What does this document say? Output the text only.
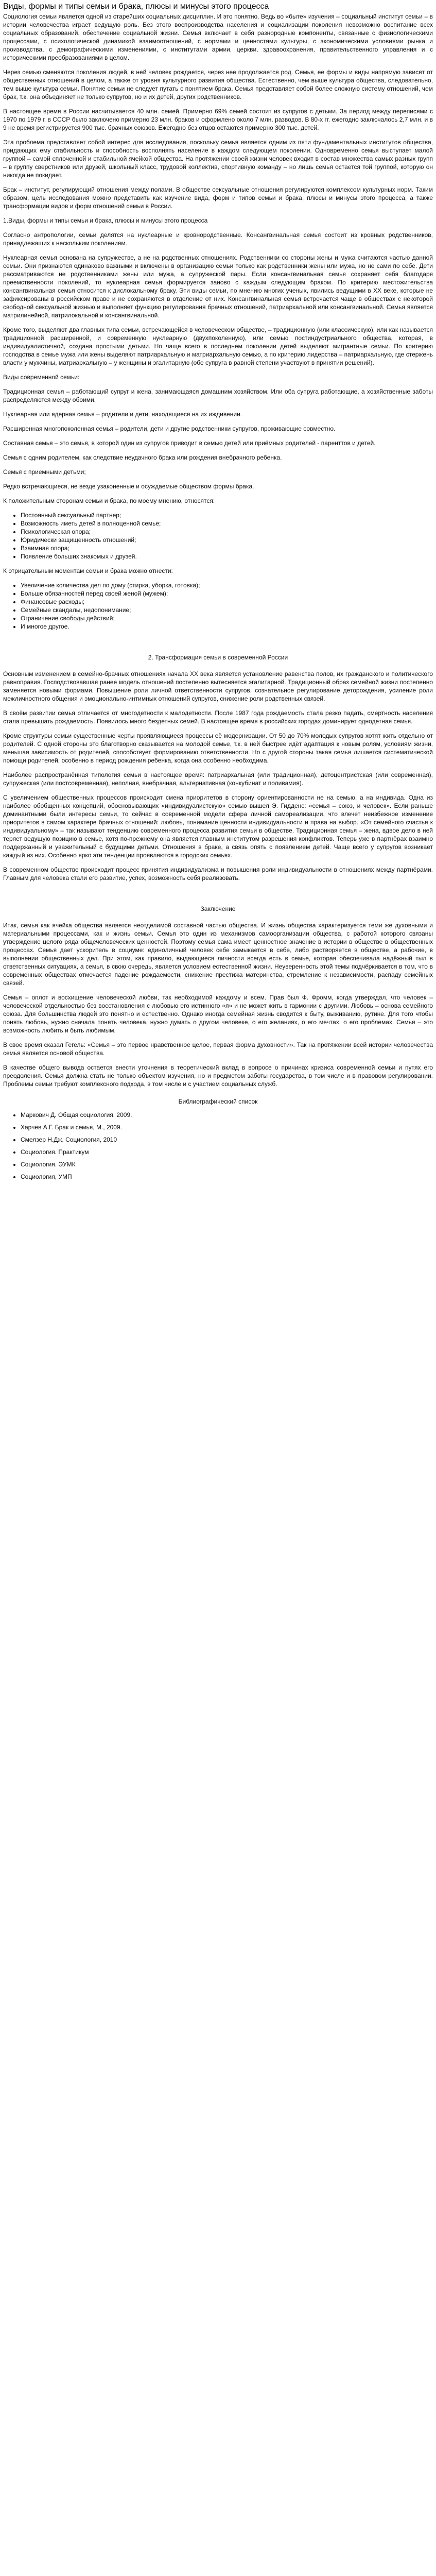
Виды, формы и типы семьи и брака, плюсы и минусы этого процесса

Социология семьи является одной из старейших социальных дисциплин. И это понятно. Ведь во «быте» изучения – социальный институт семьи – в истории человечества играет ведущую роль. Без этого воспроизводства населения и социализации поколения невозможно воспитание всех социальных образований, обеспечение социальной жизни. Семья включает в себя разнородные компоненты, связанные с физиологическими процессами, с психологической динамикой взаимоотношений, с нормами и ценностями культуры, с экономическими условиями рынка и производства, с демографическими изменениями, с институтами армии, церкви, здравоохранения, правительственного управления и с историческими преобразованиями в целом.

Через семью сменяются поколения людей, в ней человек рождается, через нее продолжается род. Семья, ее формы и виды напрямую зависят от общественных отношений в целом, а также от уровня культурного развития общества. Естественно, чем выше культура общества, следовательно, тем выше культура семьи. Понятие семьи не следует путать с понятием брака. Семья представляет собой более сложную систему отношений, чем брак, т.к. она объединяет не только супругов, но и их детей, других родственников.

В настоящее время в России насчитывается 40 млн. семей. Примерно 69% семей состоит из супругов с детьми. За период между переписями с 1970 по 1979 г. в СССР было заключено примерно 23 млн. браков и оформлено около 7 млн. разводов. В 80-х гг. ежегодно заключалось 2,7 млн. и в 9 не время регистрируется 900 тыс. брачных союзов. Ежегодно без отцов остаются примерно 300 тыс. детей.

Эта проблема представляет собой интерес для исследования, поскольку семья является одним из пяти фундаментальных институтов общества, придающих ему стабильность и способность восполнять население в каждом следующем поколении. Одновременно семья выступает малой группой – самой сплоченной и стабильной ячейкой общества. На протяжении своей жизни человек входит в состав множества самых разных групп – в группу сверстников или друзей, школьный класс, трудовой коллектив, спортивную команду – но лишь семья остается той группой, которую он никогда не покидает.

Брак – институт, регулирующий отношения между полами. В обществе сексуальные отношения регулируются комплексом культурных норм. Таким образом, цель исследования можно представить как изучение вида, форм и типов семьи и брака, плюсы и минусы этого процесса, а также трансформации видов и форм отношений семьи в России.

1.Виды, формы и типы семьи и брака, плюсы и минусы этого процесса

Согласно антропологии, семьи делятся на нуклеарные и кровнородственные. Консангвинальная семья состоит из кровных родственников, принадлежащих к нескольким поколениям.

Нуклеарная семья основана на супружестве, а не на родственных отношениях. Родственники со стороны жены и мужа считаются частью данной семьи. Они признаются одинаково важными и включены в организацию семьи только как родственники жены или мужа, но не сами по себе. Дети рассматриваются не родственниками жены или мужа, а супружеской пары. Если консангвинальная семья сохраняет себя благодаря преемственности поколений, то нуклеарная семья формируется заново с каждым следующим браком. По критерию местожительства консангвинальная семья относится к дислокальному браку. Эти виды семьи, по мнению многих ученых, явились ведущими в XX веке, которые не зафиксированы в российском праве и не сохраняются в отделение от них. Консангвинальная семья встречается чаще в обществах с некоторой свободной сексуальной жизнью и выполняет функцию регулирования брачных отношений, патриархальной или консангвинальной. Семья является матрилинейной, патрилокальной и консангвинальной.

Кроме того, выделяют два главных типа семьи, встречающейся в человеческом обществе, – традиционную (или классическую), или как называется традиционной расширенной, и современную нуклеарную (двухпоколенную), или семью постиндустриального общества, которая, в индивидуалистичной, создана простыми детьми. Но чаще всего в последнем поколении детей выделяют мигрантные семьи. По критерию господства в семье мужа или жены выделяют патриархальную и матриархальную семью, а по критерию лидерства – патриархальную, где стержень власти у мужчины, матриархальную – у женщины и эгалитарную (обе супруга в равной степени участвуют в принятии решений).

Виды современной семьи:

Традиционная семья – работающий супруг и жена, занимающаяся домашним хозяйством. Или оба супруга работающие, а хозяйственные заботы распределяются между обоими.

Нуклеарная или ядерная семья – родители и дети, находящиеся на их иждивении.

Расширенная многопоколенная семья – родители, дети и другие родственники супругов, проживающие совместно.

Составная семья – это семья, в которой один из супругов приводит в семью детей или приёмных родителей - паренттов и детей.

Семья с одним родителем, как следствие неудачного брака или рождения внебрачного ребенка.

Семья с приемными детьми;

Редко встречающиеся, не везде узаконенные и осуждаемые обществом формы брака.

К положительным сторонам семьи и брака, по моему мнению, относятся:

• Постоянный сексуальный партнер;
• Возможность иметь детей в полноценной семье;
• Психологическая опора;
• Юридически защищенность отношений;
• Взаимная опора;
• Появление больших знакомых и друзей.

К отрицательным моментам семьи и брака можно отнести:

• Увеличение количества дел по дому (стирка, уборка, готовка);
• Больше обязанностей перед своей женой (мужем);
• Финансовые расходы;
• Семейные скандалы, недопонимание;
• Ограничение свободы действий;
• И многое другое.

2. Трансформация семьи в современной России

Основным изменением в семейно-брачных отношениях начала XX века является установление равенства полов, их гражданского и политического равноправия. Господствовавшая ранее модель отношений постепенно вытесняется эгалитарной. Традиционный образ семейной жизни постепенно заменяется новыми формами. Повышение роли личной ответственности супругов, сознательное регулирование деторождения, усиление роли межличностного общения и эмоционально-интимных отношений супругов, снижение роли родственных связей.

В своём развитии семья отличается от многодетности к малодетности. После 1987 года рождаемость стала резко падать, смертность населения стала превышать рождаемость. Появилось много бездетных семей. В настоящее время в российских городах доминирует однодетная семья.

Кроме структуры семьи существенные черты проявляющиеся процессы её модернизации. От 50 до 70% молодых супругов хотят жить отдельно от родителей. С одной стороны это благотворно сказывается на молодой семье, т.к. в ней быстрее идёт адаптация к новым ролям, условиям жизни, меньшая зависимость от родителей, способствует формированию ответственности. Но с другой стороны такая семья лишается систематической помощи родителей, особенно в период рождения ребенка, когда она особенно необходима.

Наиболее распространённая типология семьи в настоящее время: патриархальная (или традиционная), детоцентристская (или современная), супружеская (или постсовременная), неполная, внебрачная, альтернативная (конкубинат и поливамия).

С увеличением общественных процессов происходит смена приоритетов в сторону ориентированности не на семью, а на индивида. Одна из наиболее обобщенных концепций, обосновывающих «индивидуалистскую» семью вышел Э. Гидденс: «семья – союз, и человек». Если раньше доминантными были интересы семьи, то сейчас в современной модели сфера личной самореализации, что влечет неизбежное изменение приоритетов в самом характере брачных отношений: любовь, понимание ценности индивидуальности и права на выбор. «От семейного счастья к индивидуальному» – так называют тенденцию современного процесса развития семьи в обществе. Традиционная семья – жена, вдвое дело в ней теряет ведущую позицию в семье, хотя по-прежнему она является главным институтом разрешения конфликтов. Теперь уже в партнёрах взаимно поддержанный и уважительный с будущими детьми. Отношения в браке, а связь опять с появлением детей. Чаще всего у супругов возникает каждый из них. Особенно ярко эти тенденции проявляются в городских семьях.

В современном обществе происходит процесс принятия индивидуализма и повышения роли индивидуальности в отношениях между партнёрами. Главным для человека стали его развитие, успех, возможность себя реализовать.

Заключение

Итак, семья как ячейка общества является неотделимой составной частью общества. И жизнь общества характеризуется теми же духовными и материальными процессами, как и жизнь семьи. Семья это один из механизмов самоорганизации общества, с работой которого связаны утверждение целого ряда общечеловеческих ценностей. Поэтому семья сама имеет ценностное значение в истории в обществе в общественных процессах. Семья дает ускоритель в социуме: единоличный человек себе замыкается в себе, либо растворяется в обществе, а рабочие, в выполнении общественных дел. При этом, как правило, выдающиеся личности всегда есть в семье, которая обеспечивала надёжный тыл в ответственных ситуациях, а семья, в свою очередь, является условием естественной жизни. Неуверенность этой темы подчёркивается в том, что в современных обществах отмечается падение рождаемости, снижение престижа материнства, стремление к независимости, распаду семейных связей.

Семья – оплот и восхищение человеческой любви, так необходимой каждому и всем. Прав был Ф. Фромм, когда утверждал, что человек – человеческой отдельностью без восстановления с любовью его истинного «я» и не может жить в гармонии с другими. Любовь – основа семейного союза. Для большинства людей это понятно и естественно. Однако иногда семейная жизнь сводится к быту, выживанию, рутине. Для того чтобы понять любовь, нужно сначала понять человека, нужно думать о другом человеке, о его желаниях, о его мечтах, о его проблемах. Семья – это возможность любить и быть любимым.

В свое время сказал Гегель: «Семья – это первое нравственное целое, первая форма духовности». Так на протяжении всей истории человечества семья является основой общества.

В качестве общего вывода остается внести уточнения в теоретический вклад в вопросе о причинах кризиса современной семьи и путях его преодоления. Семья должна стать не только объектом изучения, но и предметом заботы государства, в том числе и в правовом регулировании. Проблемы семьи требуют комплексного подхода, в том числе и с участием социальных служб.

Библиографический список

• Маркович Д. Общая социология, 2009.
• Харчев А.Г. Брак и семья, М., 2009.
• Смелзер Н.Дж. Социология, 2010
• Социология. Практикум
• Социология. ЭУМК
• Социология, УМП
